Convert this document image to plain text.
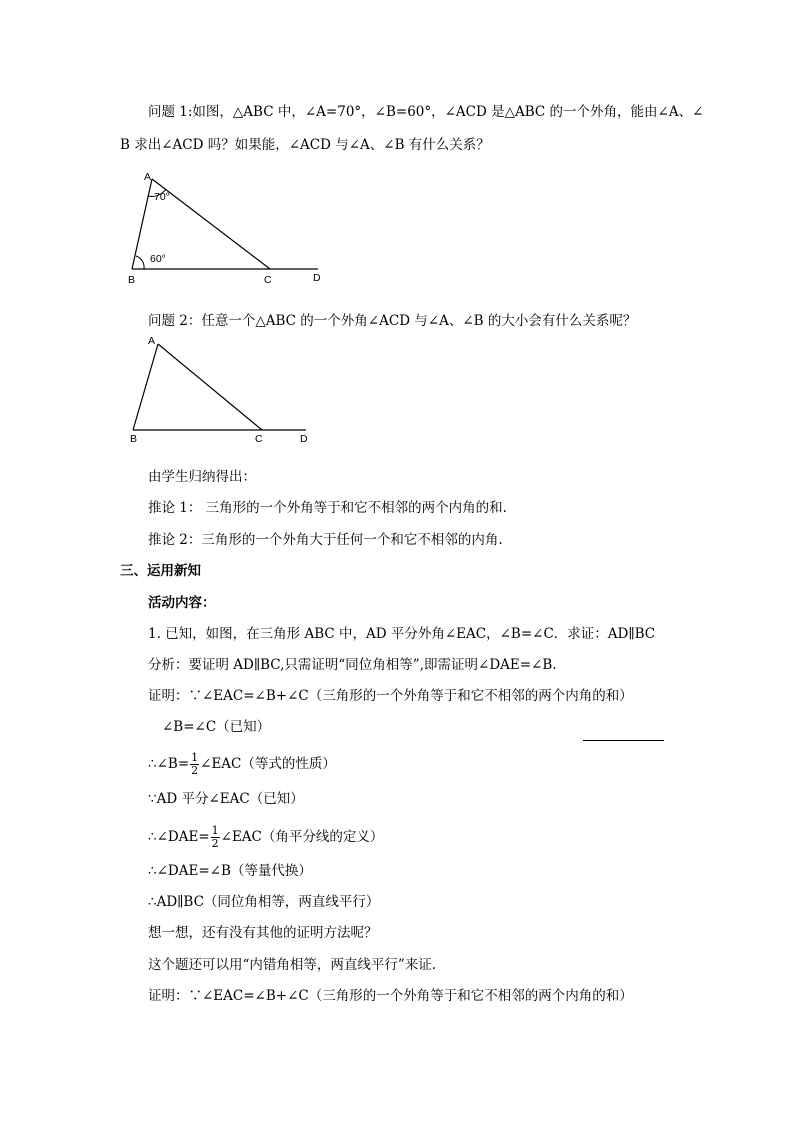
问题 1:如图，△ABC 中，∠A=70°，∠B=60°，∠ACD 是△ABC 的一个外角，能由∠A、∠
B 求出∠ACD 吗？如果能，∠ACD 与∠A、∠B 有什么关系？
A
70°
60°
B	C	D
问题 2：任意一个△ABC 的一个外角∠ACD 与∠A、∠B 的大小会有什么关系呢？
A
B	C	D
由学生归纳得出：
推论 1： 三角形的一个外角等于和它不相邻的两个内角的和.
推论 2：三角形的一个外角大于任何一个和它不相邻的内角.
三、运用新知
活动内容：
1. 已知，如图，在三角形 ABC 中，AD 平分外角∠EAC，∠B=∠C．求证：AD∥BC
分析：要证明 AD∥BC,只需证明“同位角相等”,即需证明∠DAE=∠B.
证明：∵∠EAC=∠B+∠C（三角形的一个外角等于和它不相邻的两个内角的和）
∠B=∠C（已知）
∴∠B= $\frac{1}{2}$ ∠EAC（等式的性质）
∵AD 平分∠EAC（已知）
∴∠DAE= $\frac{1}{2}$ ∠EAC（角平分线的定义）
∴∠DAE=∠B（等量代换）
∴AD∥BC（同位角相等，两直线平行）
想一想，还有没有其他的证明方法呢？
这个题还可以用“内错角相等，两直线平行”来证.
证明：∵∠EAC=∠B+∠C（三角形的一个外角等于和它不相邻的两个内角的和）
